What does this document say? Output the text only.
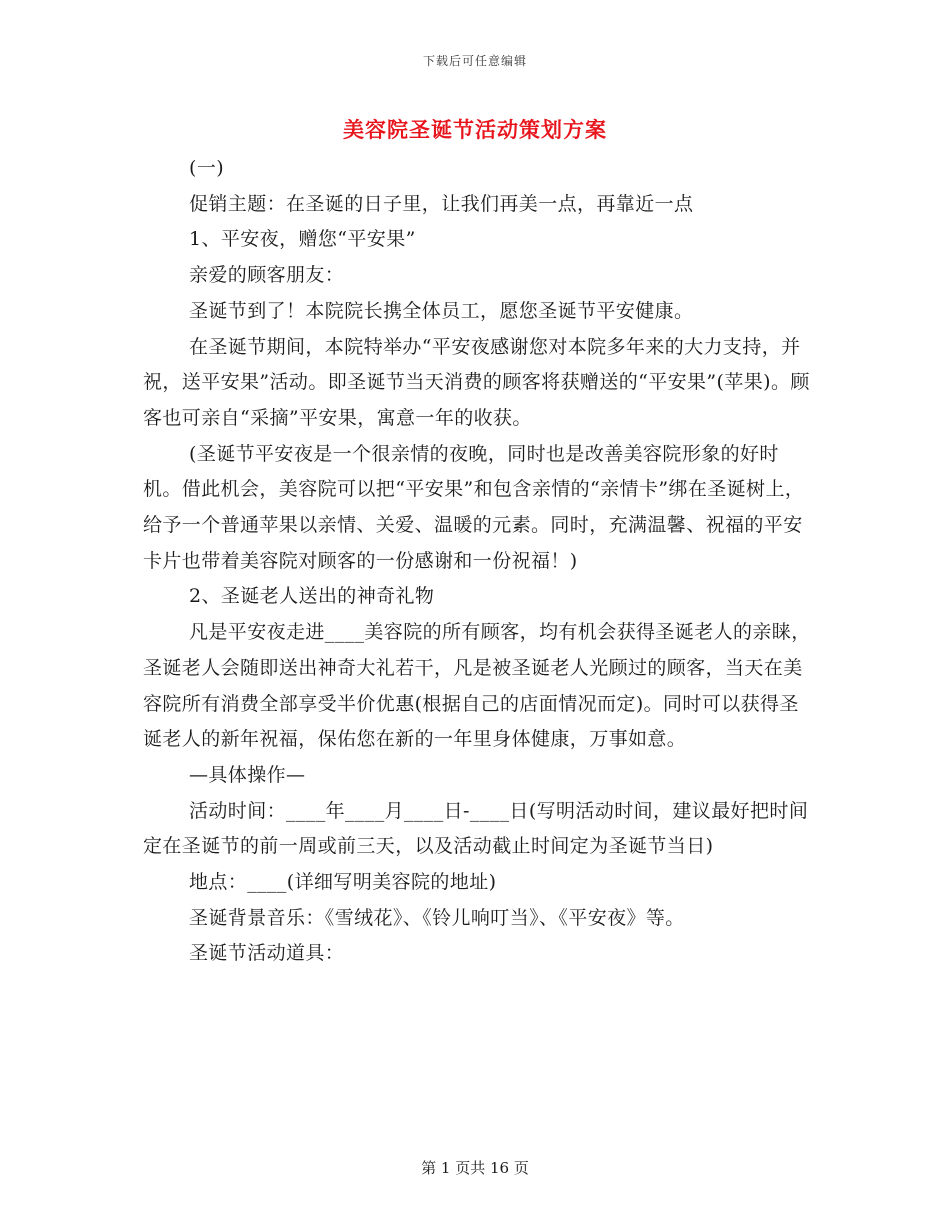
下载后可任意编辑
美容院圣诞节活动策划方案

(一)

促销主题：在圣诞的日子里，让我们再美一点，再靠近一点

1、平安夜，赠您“平安果”

亲爱的顾客朋友：

圣诞节到了！本院院长携全体员工，愿您圣诞节平安健康。

在圣诞节期间，本院特举办“平安夜感谢您对本院多年来的大力支持，并祝，送平安果”活动。即圣诞节当天消费的顾客将获赠送的“平安果”(苹果)。顾客也可亲自“采摘”平安果，寓意一年的收获。

(圣诞节平安夜是一个很亲情的夜晚，同时也是改善美容院形象的好时机。借此机会，美容院可以把“平安果”和包含亲情的“亲情卡”绑在圣诞树上，给予一个普通苹果以亲情、关爱、温暖的元素。同时，充满温馨、祝福的平安卡片也带着美容院对顾客的一份感谢和一份祝福！)

2、圣诞老人送出的神奇礼物

凡是平安夜走进____美容院的所有顾客，均有机会获得圣诞老人的亲睐，圣诞老人会随即送出神奇大礼若干，凡是被圣诞老人光顾过的顾客，当天在美容院所有消费全部享受半价优惠(根据自己的店面情况而定)。同时可以获得圣诞老人的新年祝福，保佑您在新的一年里身体健康，万事如意。

—具体操作—

活动时间：____年____月____日-____日(写明活动时间，建议最好把时间定在圣诞节的前一周或前三天，以及活动截止时间定为圣诞节当日)

地点：____(详细写明美容院的地址)

圣诞背景音乐：《雪绒花》、《铃儿响叮当》、《平安夜》等。

圣诞节活动道具：

第 1 页共 16 页
